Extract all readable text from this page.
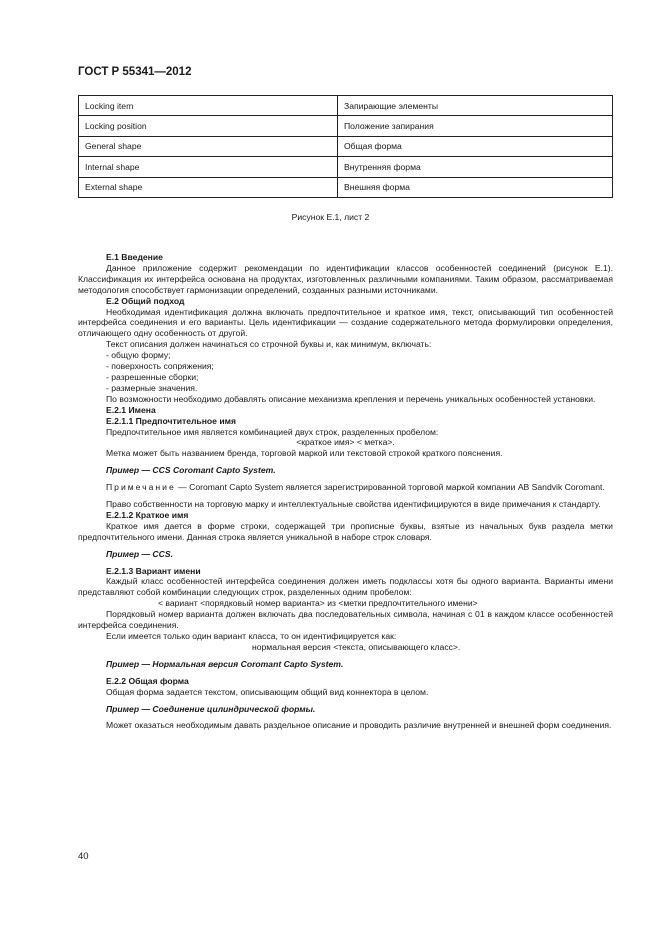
ГОСТ Р 55341—2012
Locking item	Запирающие элементы
Locking position	Положение запирания
General shape	Общая форма
Internal shape	Внутренняя форма
External shape	Внешняя форма
Рисунок Е.1, лист 2

Е.1 Введение

Данное приложение содержит рекомендации по идентификации классов особенностей соединений (рисунок Е.1). Классификация их интерфейса основана на продуктах, изготовленных различными компаниями. Таким образом, рассматриваемая методология способствует гармонизации определений, созданных разными источниками.

Е.2 Общий подход

Необходимая идентификация должна включать предпочтительное и краткое имя, текст, описывающий тип особенностей интерфейса соединения и его варианты. Цель идентификации — создание содержательного метода формулировки определения, отличающего одну особенность от другой.

Текст описания должен начинаться со строчной буквы и, как минимум, включать:

- общую форму;

- поверхность сопряжения;

- разрешенные сборки;

- размерные значения.

По возможности необходимо добавлять описание механизма крепления и перечень уникальных особенностей установки.

Е.2.1 Имена

Е.2.1.1 Предпочтительное имя

Предпочтительное имя является комбинацией двух строк, разделенных пробелом:

<краткое имя> < метка>.

Метка может быть названием бренда, торговой маркой или текстовой строкой краткого пояснения.

Пример — CCS Coromant Capto System.

Примечание — Coromant Capto System является зарегистрированной торговой маркой компании AB Sandvik Coromant.

Право собственности на торговую марку и интеллектуальные свойства идентифицируются в виде примечания к стандарту.

Е.2.1.2 Краткое имя

Краткое имя дается в форме строки, содержащей три прописные буквы, взятые из начальных букв раздела метки предпочтительного имени. Данная строка является уникальной в наборе строк словаря.

Пример — CCS.

Е.2.1.3 Вариант имени

Каждый класс особенностей интерфейса соединения должен иметь подклассы хотя бы одного варианта. Варианты имени представляют собой комбинации следующих строк, разделенных одним пробелом:

< вариант <порядковый номер варианта> из <метки предпочтительного имени>

Порядковый номер варианта должен включать два последовательных символа, начиная с 01 в каждом классе особенностей интерфейса соединения.

Если имеется только один вариант класса, то он идентифицируется как:

нормальная версия <текста, описывающего класс>.

Пример — Нормальная версия Coromant Capto System.

Е.2.2 Общая форма

Общая форма задается текстом, описывающим общий вид коннектора в целом.

Пример — Соединение цилиндрической формы.

Может оказаться необходимым давать раздельное описание и проводить различие внутренней и внешней форм соединения.

40
